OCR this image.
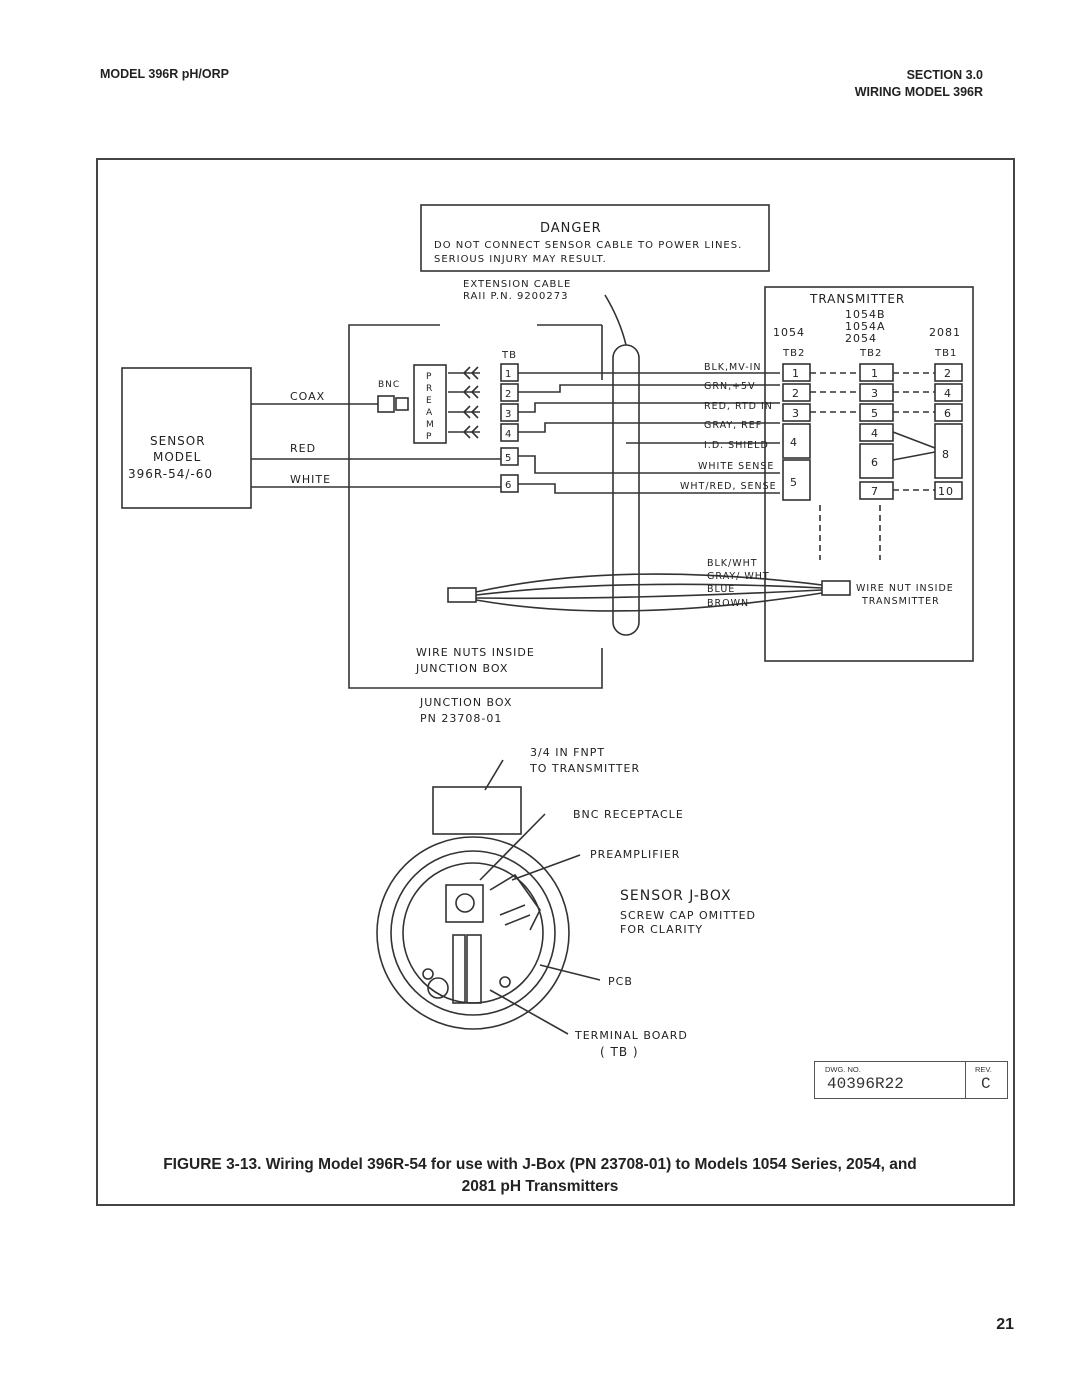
MODEL 396R pH/ORP	SECTION 3.0
WIRING MODEL 396R
DANGER
DO NOT CONNECT SENSOR CABLE TO POWER LINES.
SERIOUS INJURY MAY RESULT.
EXTENSION CABLE
RAII P.N. 9200273	TRANSMITTER
1054B
1054A
2054
1054	2081
TB2	TB2	TB1
TB
BNC
P
R
E
A
M
P
1
2
3
4
5
6
BLK,MV-IN
GRN,+5V
RED, RTD IN
GRAY, REF
I.D. SHIELD
WHITE SENSE
WHT/RED, SENSE
1
2
3
4
5
1
3
5
4
6
7
2
4
6
8
10
SENSOR
MODEL
396R-54/-60
COAX
RED
WHITE
BLK/WHT
GRAY/ WHT
BLUE
BROWN
WIRE NUT INSIDE
TRANSMITTER
WIRE NUTS INSIDE
JUNCTION BOX
JUNCTION BOX
PN 23708-01
3/4 IN FNPT
TO TRANSMITTER
BNC RECEPTACLE
PREAMPLIFIER
SENSOR J-BOX
SCREW CAP OMITTED
FOR CLARITY
PCB
TERMINAL BOARD
( TB )
DWG. NO.
40396R22
REV.
C
FIGURE 3-13. Wiring Model 396R-54 for use with J-Box (PN 23708-01) to Models 1054 Series, 2054, and
2081 pH Transmitters
21
